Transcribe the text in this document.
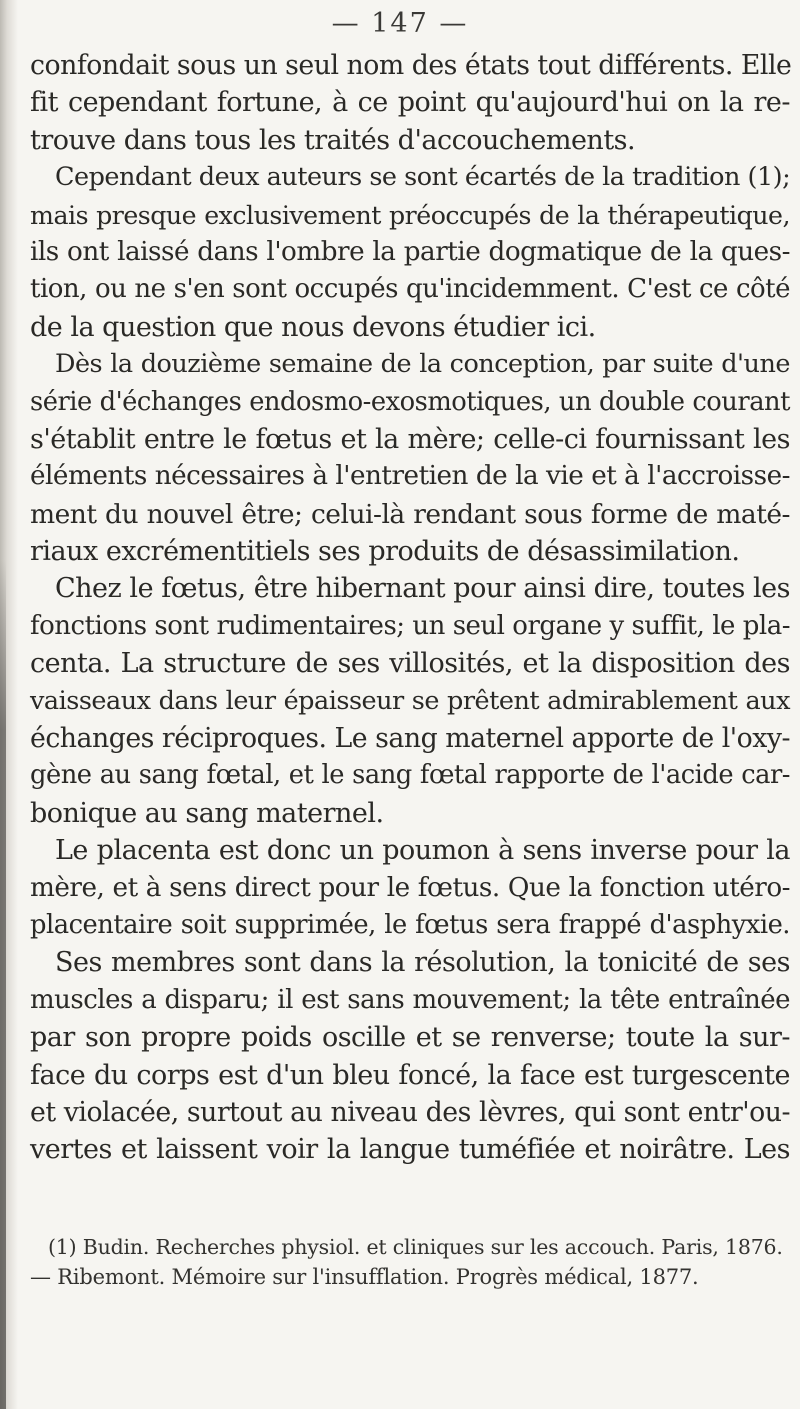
— 147 —
confondait sous un seul nom des états tout différents. Elle
fit cependant fortune, à ce point qu'aujourd'hui on la re-
trouve dans tous les traités d'accouchements.
Cependant deux auteurs se sont écartés de la tradition (1);
mais presque exclusivement préoccupés de la thérapeutique,
ils ont laissé dans l'ombre la partie dogmatique de la ques-
tion, ou ne s'en sont occupés qu'incidemment. C'est ce côté
de la question que nous devons étudier ici.
Dès la douzième semaine de la conception, par suite d'une
série d'échanges endosmo-exosmotiques, un double courant
s'établit entre le fœtus et la mère; celle-ci fournissant les
éléments nécessaires à l'entretien de la vie et à l'accroisse-
ment du nouvel être; celui-là rendant sous forme de maté-
riaux excrémentitiels ses produits de désassimilation.
Chez le fœtus, être hibernant pour ainsi dire, toutes les
fonctions sont rudimentaires; un seul organe y suffit, le pla-
centa. La structure de ses villosités, et la disposition des
vaisseaux dans leur épaisseur se prêtent admirablement aux
échanges réciproques. Le sang maternel apporte de l'oxy-
gène au sang fœtal, et le sang fœtal rapporte de l'acide car-
bonique au sang maternel.
Le placenta est donc un poumon à sens inverse pour la
mère, et à sens direct pour le fœtus. Que la fonction utéro-
placentaire soit supprimée, le fœtus sera frappé d'asphyxie.
Ses membres sont dans la résolution, la tonicité de ses
muscles a disparu; il est sans mouvement; la tête entraînée
par son propre poids oscille et se renverse; toute la sur-
face du corps est d'un bleu foncé, la face est turgescente
et violacée, surtout au niveau des lèvres, qui sont entr'ou-
vertes et laissent voir la langue tuméfiée et noirâtre. Les
(1) Budin. Recherches physiol. et cliniques sur les accouch. Paris, 1876.
— Ribemont. Mémoire sur l'insufflation. Progrès médical, 1877.
